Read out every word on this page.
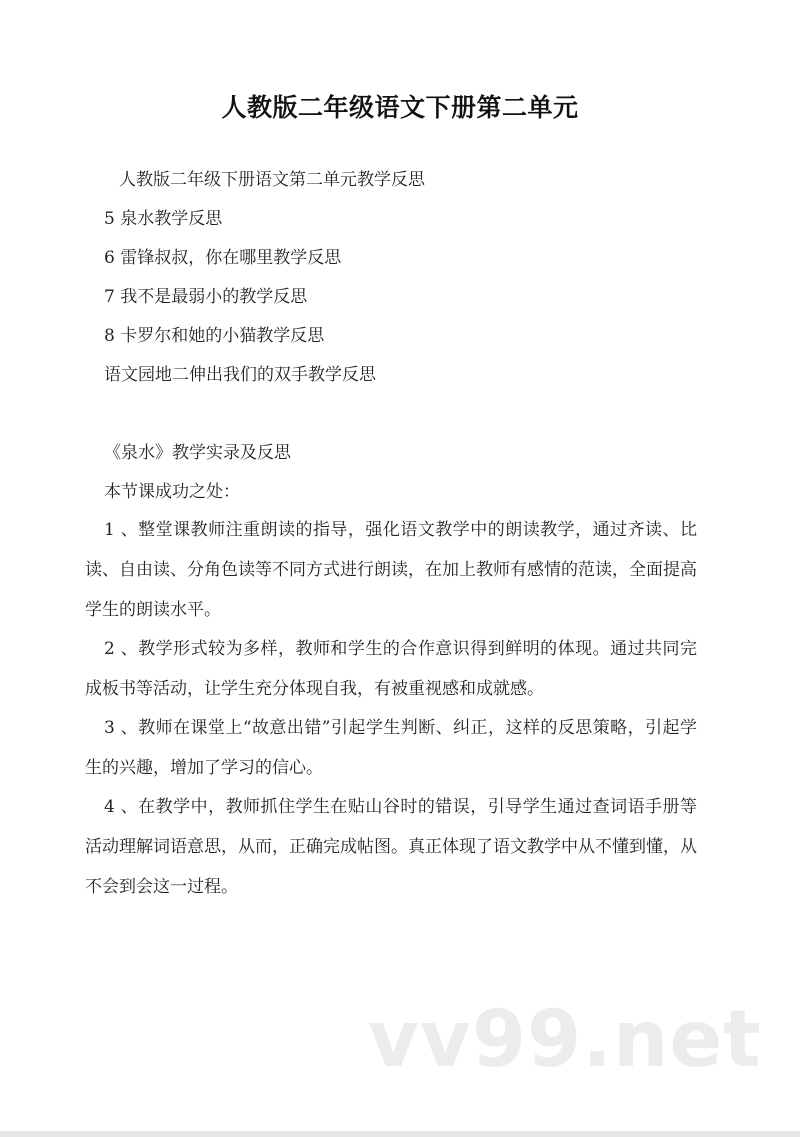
人教版二年级语文下册第二单元
人教版二年级下册语文第二单元教学反思
5 泉水教学反思
6 雷锋叔叔，你在哪里教学反思
7 我不是最弱小的教学反思
8 卡罗尔和她的小猫教学反思
语文园地二伸出我们的双手教学反思
《泉水》教学实录及反思
本节课成功之处：
1 、整堂课教师注重朗读的指导，强化语文教学中的朗读教学，通过齐读、比读、自由读、分角色读等不同方式进行朗读，在加上教师有感情的范读，全面提高学生的朗读水平。
2 、教学形式较为多样，教师和学生的合作意识得到鲜明的体现。通过共同完成板书等活动，让学生充分体现自我，有被重视感和成就感。
3 、教师在课堂上“故意出错”引起学生判断、纠正，这样的反思策略，引起学生的兴趣，增加了学习的信心。
4 、在教学中，教师抓住学生在贴山谷时的错误，引导学生通过查词语手册等活动理解词语意思，从而，正确完成帖图。真正体现了语文教学中从不懂到懂，从不会到会这一过程。
vv99.net
